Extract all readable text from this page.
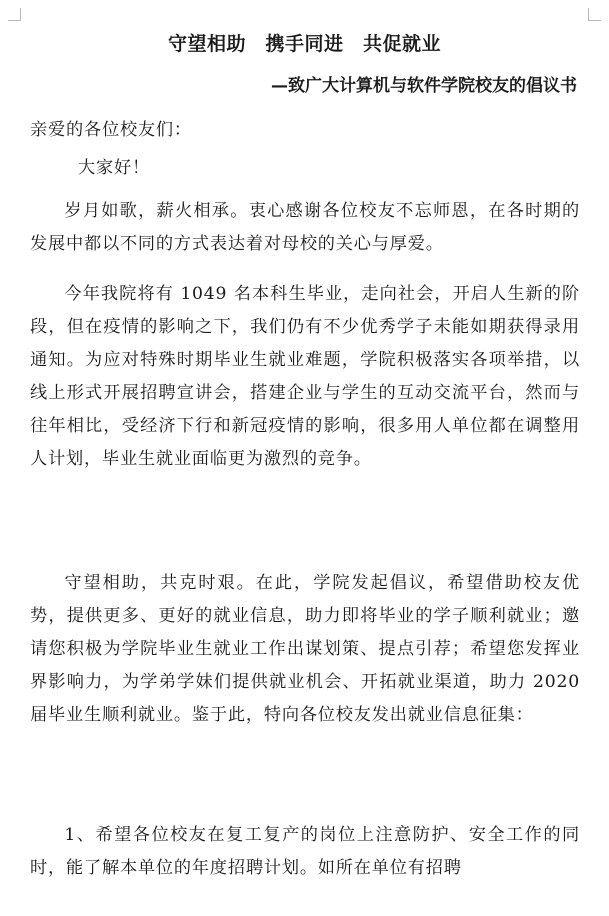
守望相助　携手同进　共促就业
—致广大计算机与软件学院校友的倡议书
亲爱的各位校友们：
大家好！
岁月如歌，薪火相承。衷心感谢各位校友不忘师恩，在各时期的发展中都以不同的方式表达着对母校的关心与厚爱。
今年我院将有 1049 名本科生毕业，走向社会，开启人生新的阶段，但在疫情的影响之下，我们仍有不少优秀学子未能如期获得录用通知。为应对特殊时期毕业生就业难题，学院积极落实各项举措，以线上形式开展招聘宣讲会，搭建企业与学生的互动交流平台，然而与往年相比，受经济下行和新冠疫情的影响，很多用人单位都在调整用人计划，毕业生就业面临更为激烈的竞争。
守望相助，共克时艰。在此，学院发起倡议，希望借助校友优势，提供更多、更好的就业信息，助力即将毕业的学子顺利就业；邀请您积极为学院毕业生就业工作出谋划策、提点引荐；希望您发挥业界影响力，为学弟学妹们提供就业机会、开拓就业渠道，助力 2020 届毕业生顺利就业。鉴于此，特向各位校友发出就业信息征集：
1、希望各位校友在复工复产的岗位上注意防护、安全工作的同时，能了解本单位的年度招聘计划。如所在单位有招聘
